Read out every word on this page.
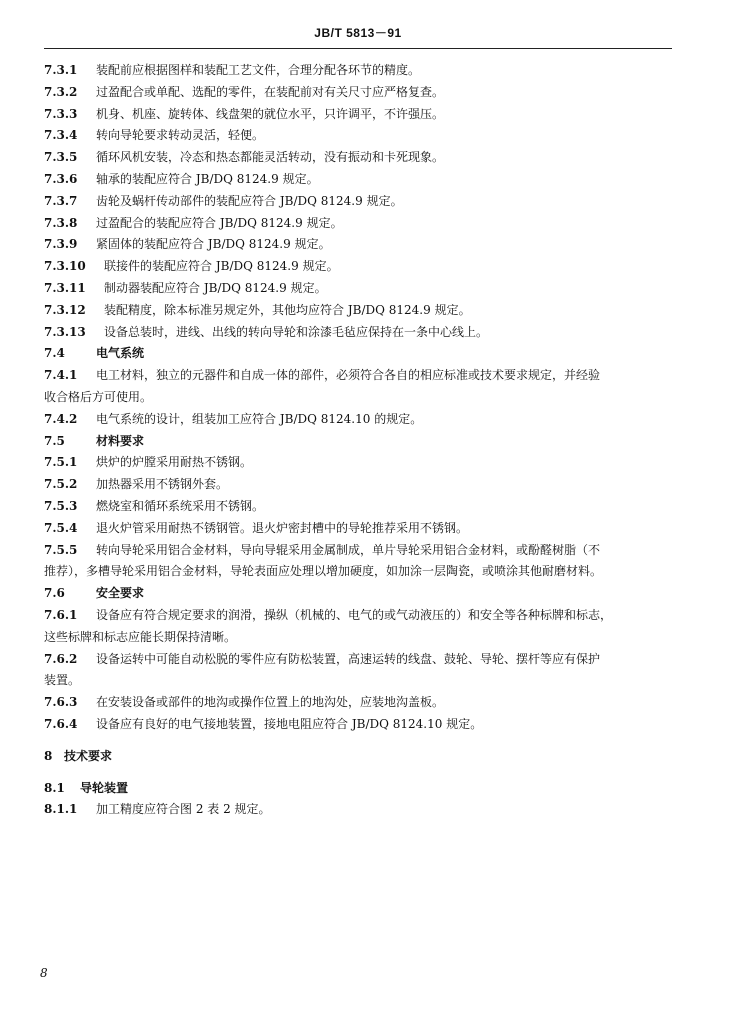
JB/T 5813－91
7.3.1	装配前应根据图样和装配工艺文件，合理分配各环节的精度。
7.3.2	过盈配合或单配、选配的零件，在装配前对有关尺寸应严格复查。
7.3.3	机身、机座、旋转体、线盘架的就位水平，只许调平，不许强压。
7.3.4	转向导轮要求转动灵活，轻便。
7.3.5	循环风机安装，冷态和热态都能灵活转动，没有振动和卡死现象。
7.3.6	轴承的装配应符合 JB/DQ 8124.9 规定。
7.3.7	齿轮及蜗杆传动部件的装配应符合 JB/DQ 8124.9 规定。
7.3.8	过盈配合的装配应符合 JB/DQ 8124.9 规定。
7.3.9	紧固体的装配应符合 JB/DQ 8124.9 规定。
7.3.10	联接件的装配应符合 JB/DQ 8124.9 规定。
7.3.11	制动器装配应符合 JB/DQ 8124.9 规定。
7.3.12	装配精度，除本标准另规定外，其他均应符合 JB/DQ 8124.9 规定。
7.3.13	设备总装时，进线、出线的转向导轮和涂漆毛毡应保持在一条中心线上。
7.4	电气系统
7.4.1	电工材料，独立的元器件和自成一体的部件，必须符合各自的相应标准或技术要求规定，并经验
收合格后方可使用。
7.4.2	电气系统的设计，组装加工应符合 JB/DQ 8124.10 的规定。
7.5	材料要求
7.5.1	烘炉的炉膛采用耐热不锈钢。
7.5.2	加热器采用不锈钢外套。
7.5.3	燃烧室和循环系统采用不锈钢。
7.5.4	退火炉管采用耐热不锈钢管。退火炉密封槽中的导轮推荐采用不锈钢。
7.5.5	转向导轮采用铝合金材料，导向导辊采用金属制成，单片导轮采用铝合金材料，或酚醛树脂（不
推荐），多槽导轮采用铝合金材料，导轮表面应处理以增加硬度，如加涂一层陶瓷，或喷涂其他耐磨材料。
7.6	安全要求
7.6.1	设备应有符合规定要求的润滑，操纵（机械的、电气的或气动液压的）和安全等各种标牌和标志，
这些标牌和标志应能长期保持清晰。
7.6.2	设备运转中可能自动松脱的零件应有防松装置，高速运转的线盘、鼓轮、导轮、摆杆等应有保护
装置。
7.6.3	在安装设备或部件的地沟或操作位置上的地沟处，应装地沟盖板。
7.6.4	设备应有良好的电气接地装置，接地电阻应符合 JB/DQ 8124.10 规定。
8 技术要求
8.1	导轮装置
8.1.1	加工精度应符合图 2 表 2 规定。
8
